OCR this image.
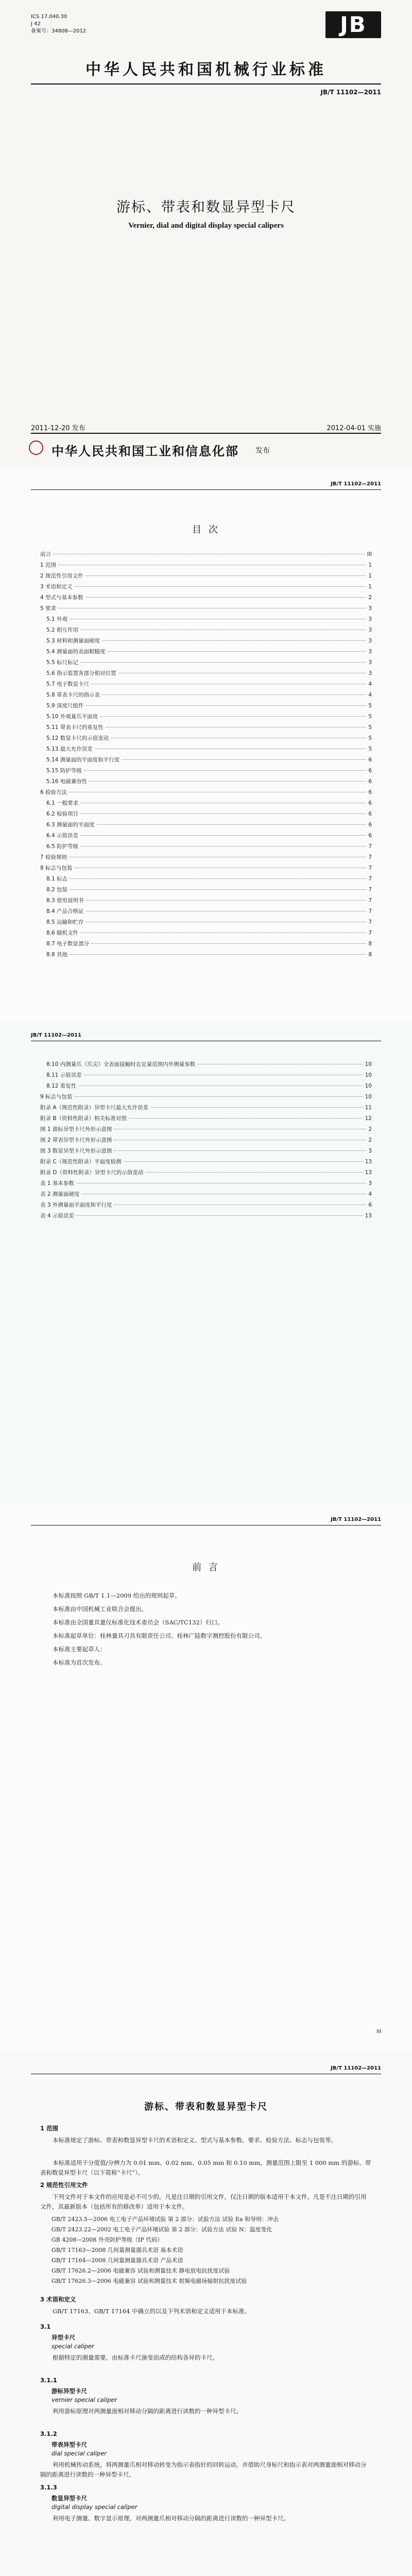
ICS 17.040.30
J 42
备案号：34808—2012	JB
中华人民共和国机械行业标准
JB/T 11102—2011
游标、带表和数显异型卡尺
Vernier, dial and digital display special calipers
2011-12-20 发布	2012-04-01 实施
中华人民共和国工业和信息化部 发布
JB/T 11102—2011
目 次
前言	III
1 范围	1
2 规范性引用文件	1
3 术语和定义	1
4 型式与基本参数	2
5 要求	3
5.1 外观	3
5.2 相互作用	3
5.3 材料和测量面硬度	3
5.4 测量面的表面粗糙度	3
5.5 标尺标记	3
5.6 指示装置各部分相对位置	3
5.7 电子数显卡尺	4
5.8 带表卡尺的指示表	4
5.9 深度尺组件	5
5.10 外观量爪平面度	5
5.11 带表卡尺的重复性	5
5.12 数显卡尺的示值变动	5
5.13 最大允许误差	5
5.14 测量面的平面度和平行度	6
5.15 防护等级	6
5.16 电磁兼容性	6
6 检验方法	6
6.1 一般要求	6
6.2 检验项目	6
6.3 测量面的平面度	6
6.4 示值误差	6
6.5 防护等级	7
7 检验规则	7
8 标志与包装	7
8.1 标志	7
8.2 包装	7
8.3 使用说明书	7
8.4 产品合格证	7
8.5 运输和贮存	7
8.6 随机文件	7
8.7 电子数显部分	8
8.8 其他	8
JB/T 11102—2011
8.10 内测量爪（爪尖）全表面接触时在定量范围内外测量参数	10
8.11 示值误差	10
8.12 重复性	10
9 标志与包装	10
附录 A（规范性附录）异型卡尺最大允许误差	11
附录 B（资料性附录）相关标准对照	12
图 1 游标异型卡尺外形示意图	2
图 2 带表异型卡尺外形示意图	2
图 3 数显异型卡尺外形示意图	3
附录 C（规范性附录）平面度检测	13
附录 D（资料性附录）异型卡尺的示值变动	13
表 1 基本参数	3
表 2 测量面硬度	4
表 3 外测量面平面度和平行度	6
表 4 示值误差	13
JB/T 11102—2011
前 言
本标准按照 GB/T 1.1—2009 给出的规则起草。
本标准由中国机械工业联合会提出。
本标准由全国量具量仪标准化技术委员会（SAC/TC132）归口。
本标准起草单位：桂林量具刃具有限责任公司、桂林广陆数字测控股份有限公司。
本标准主要起草人：
本标准为首次发布。
III
JB/T 11102—2011
游标、带表和数显异型卡尺
1 范围
本标准规定了游标、带表和数显异型卡尺的术语和定义、型式与基本参数、要求、检验方法、标志与包装等。
本标准适用于分度值/分辨力为 0.01 mm、0.02 mm、0.05 mm 和 0.10 mm，测量范围上限至 1 000 mm 的游标、带表和数显异型卡尺（以下简称“卡尺”）。
2 规范性引用文件
下列文件对于本文件的应用是必不可少的。凡是注日期的引用文件，仅注日期的版本适用于本文件。凡是不注日期的引用文件，其最新版本（包括所有的修改单）适用于本文件。
GB/T 2423.5—2006 电工电子产品环境试验 第 2 部分：试验方法 试验 Ea 和导则：冲击
GB/T 2423.22—2002 电工电子产品环境试验 第 2 部分：试验方法 试验 N：温度变化
GB 4208—2008 外壳防护等级（IP 代码）
GB/T 17163—2008 几何量测量器具术语 基本术语
GB/T 17164—2008 几何量测量器具术语 产品术语
GB/T 17626.2—2006 电磁兼容 试验和测量技术 静电放电抗扰度试验
GB/T 17626.3—2006 电磁兼容 试验和测量技术 射频电磁场辐射抗扰度试验
3 术语和定义
GB/T 17163、GB/T 17164 中确立的以及下列术语和定义适用于本标准。
3.1
异型卡尺
special caliper
根据特定的测量需要，由标准卡尺演变而成的结构各异的卡尺。
3.1.1
游标异型卡尺
vernier special caliper
利用游标原理对两测量面相对移动分隔的距离进行读数的一种异型卡尺。
3.1.2
带表异型卡尺
dial special caliper
利用机械传动系统，将两测量爪相对移动转变为指示表指针的回转运动，并借助尺身标尺和指示表对两测量面相对移动分隔的距离进行读数的一种异型卡尺。
3.1.3
数显异型卡尺
digital display special caliper
利用电子测量、数字显示原理，对两测量爪相对移动分隔的距离进行读数的一种异型卡尺。
